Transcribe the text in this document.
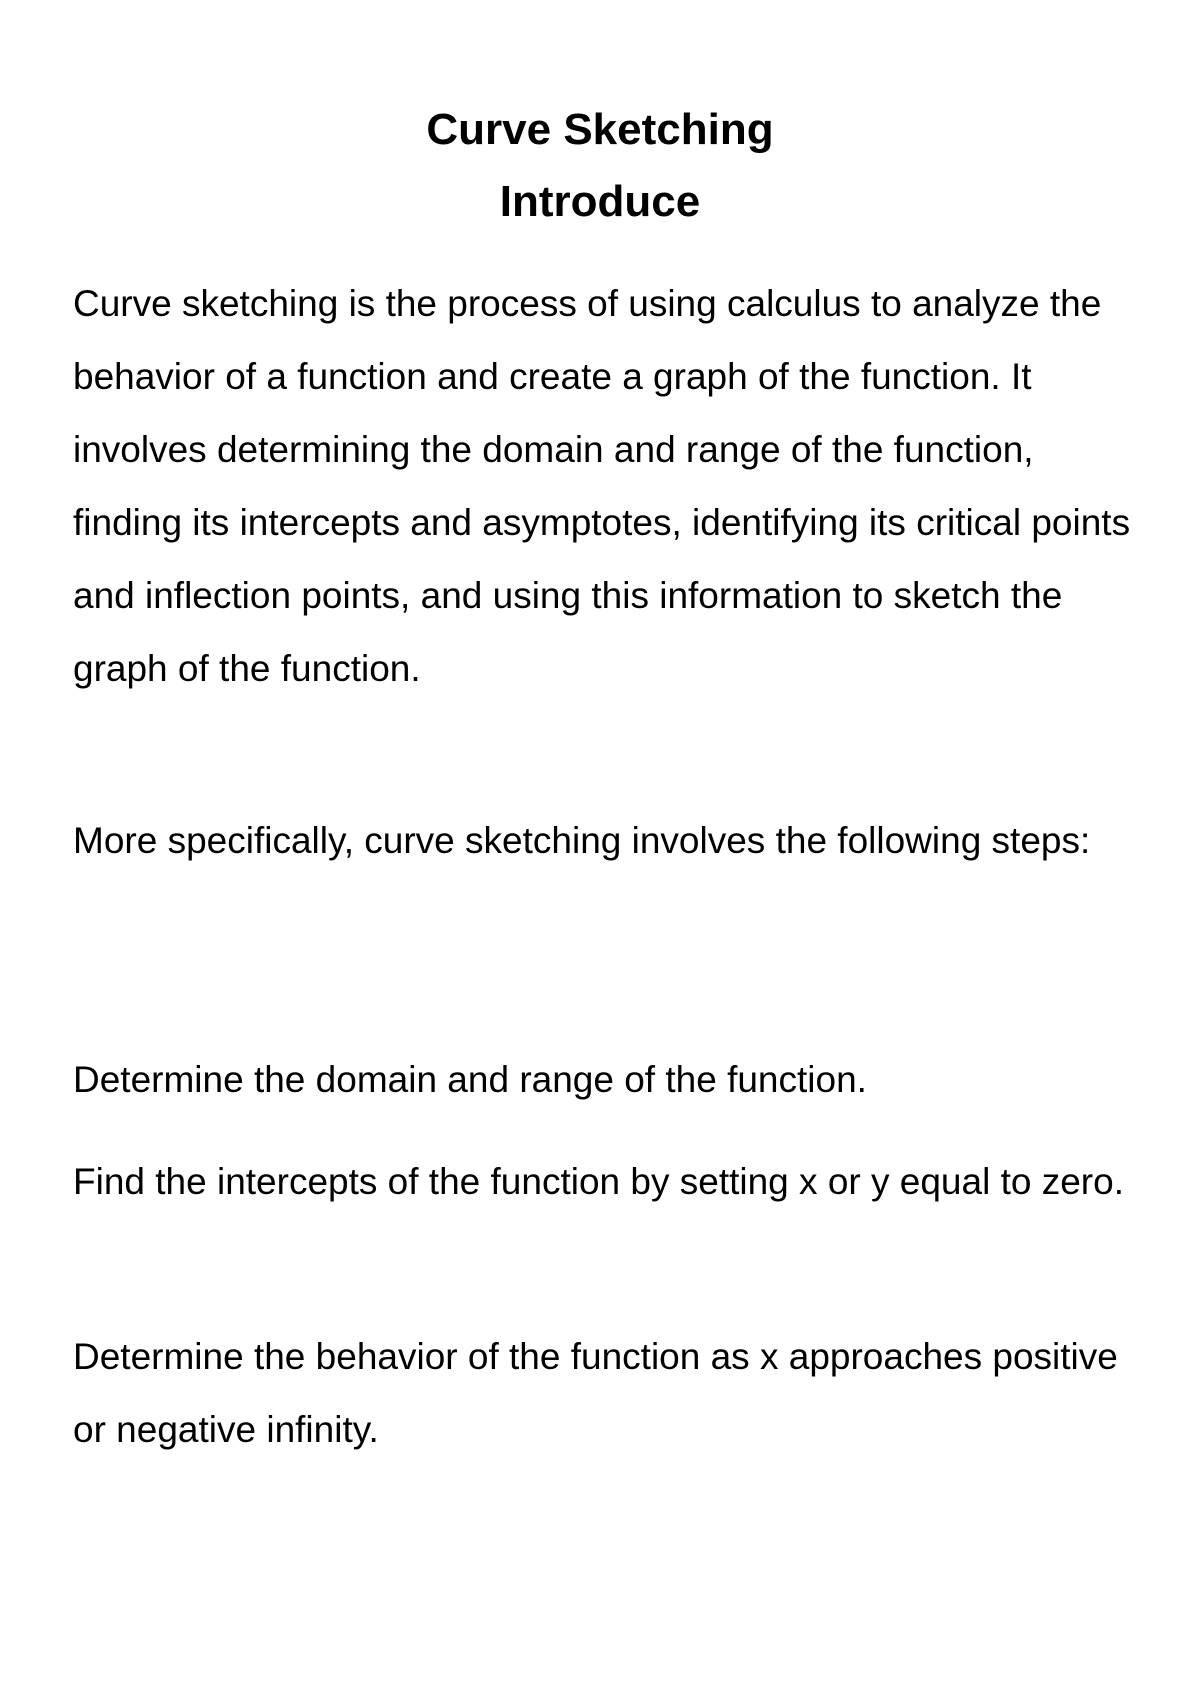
Curve Sketching
Introduce

Curve sketching is the process of using calculus to analyze the behavior of a function and create a graph of the function. It involves determining the domain and range of the function, finding its intercepts and asymptotes, identifying its critical points and inflection points, and using this information to sketch the graph of the function.

More specifically, curve sketching involves the following steps:

Determine the domain and range of the function.

Find the intercepts of the function by setting x or y equal to zero.

Determine the behavior of the function as x approaches positive or negative infinity.
